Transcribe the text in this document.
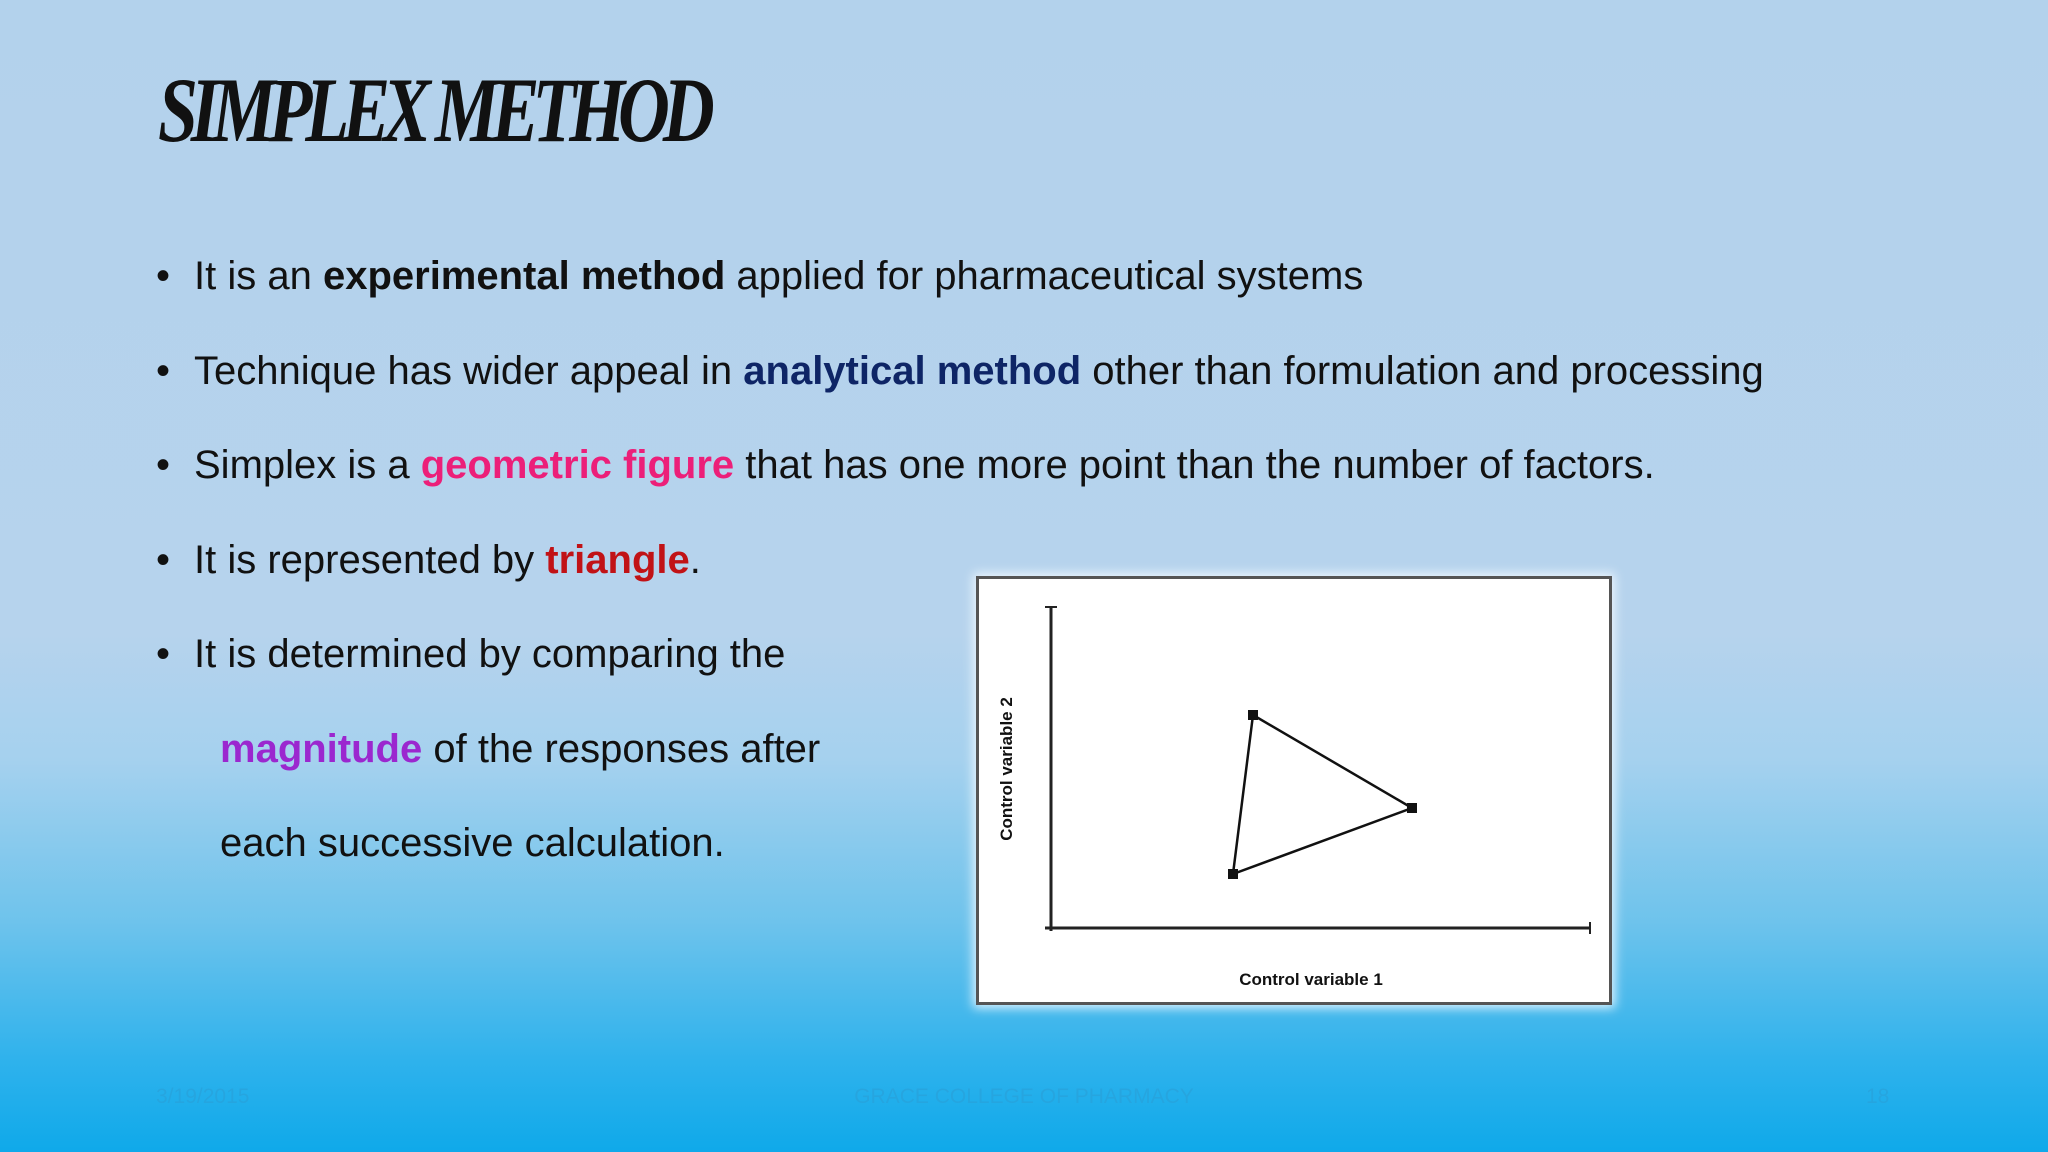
SIMPLEX METHOD
• It is an experimental method applied for pharmaceutical systems
• Technique has wider appeal in analytical method other than formulation and processing
• Simplex is a geometric figure that has one more point than the number of factors.
• It is represented by triangle.
• It is determined by comparing the
magnitude of the responses after
each successive calculation.
Control variable 1
Control variable 2
3/19/2015	GRACE COLLEGE OF PHARMACY	18
